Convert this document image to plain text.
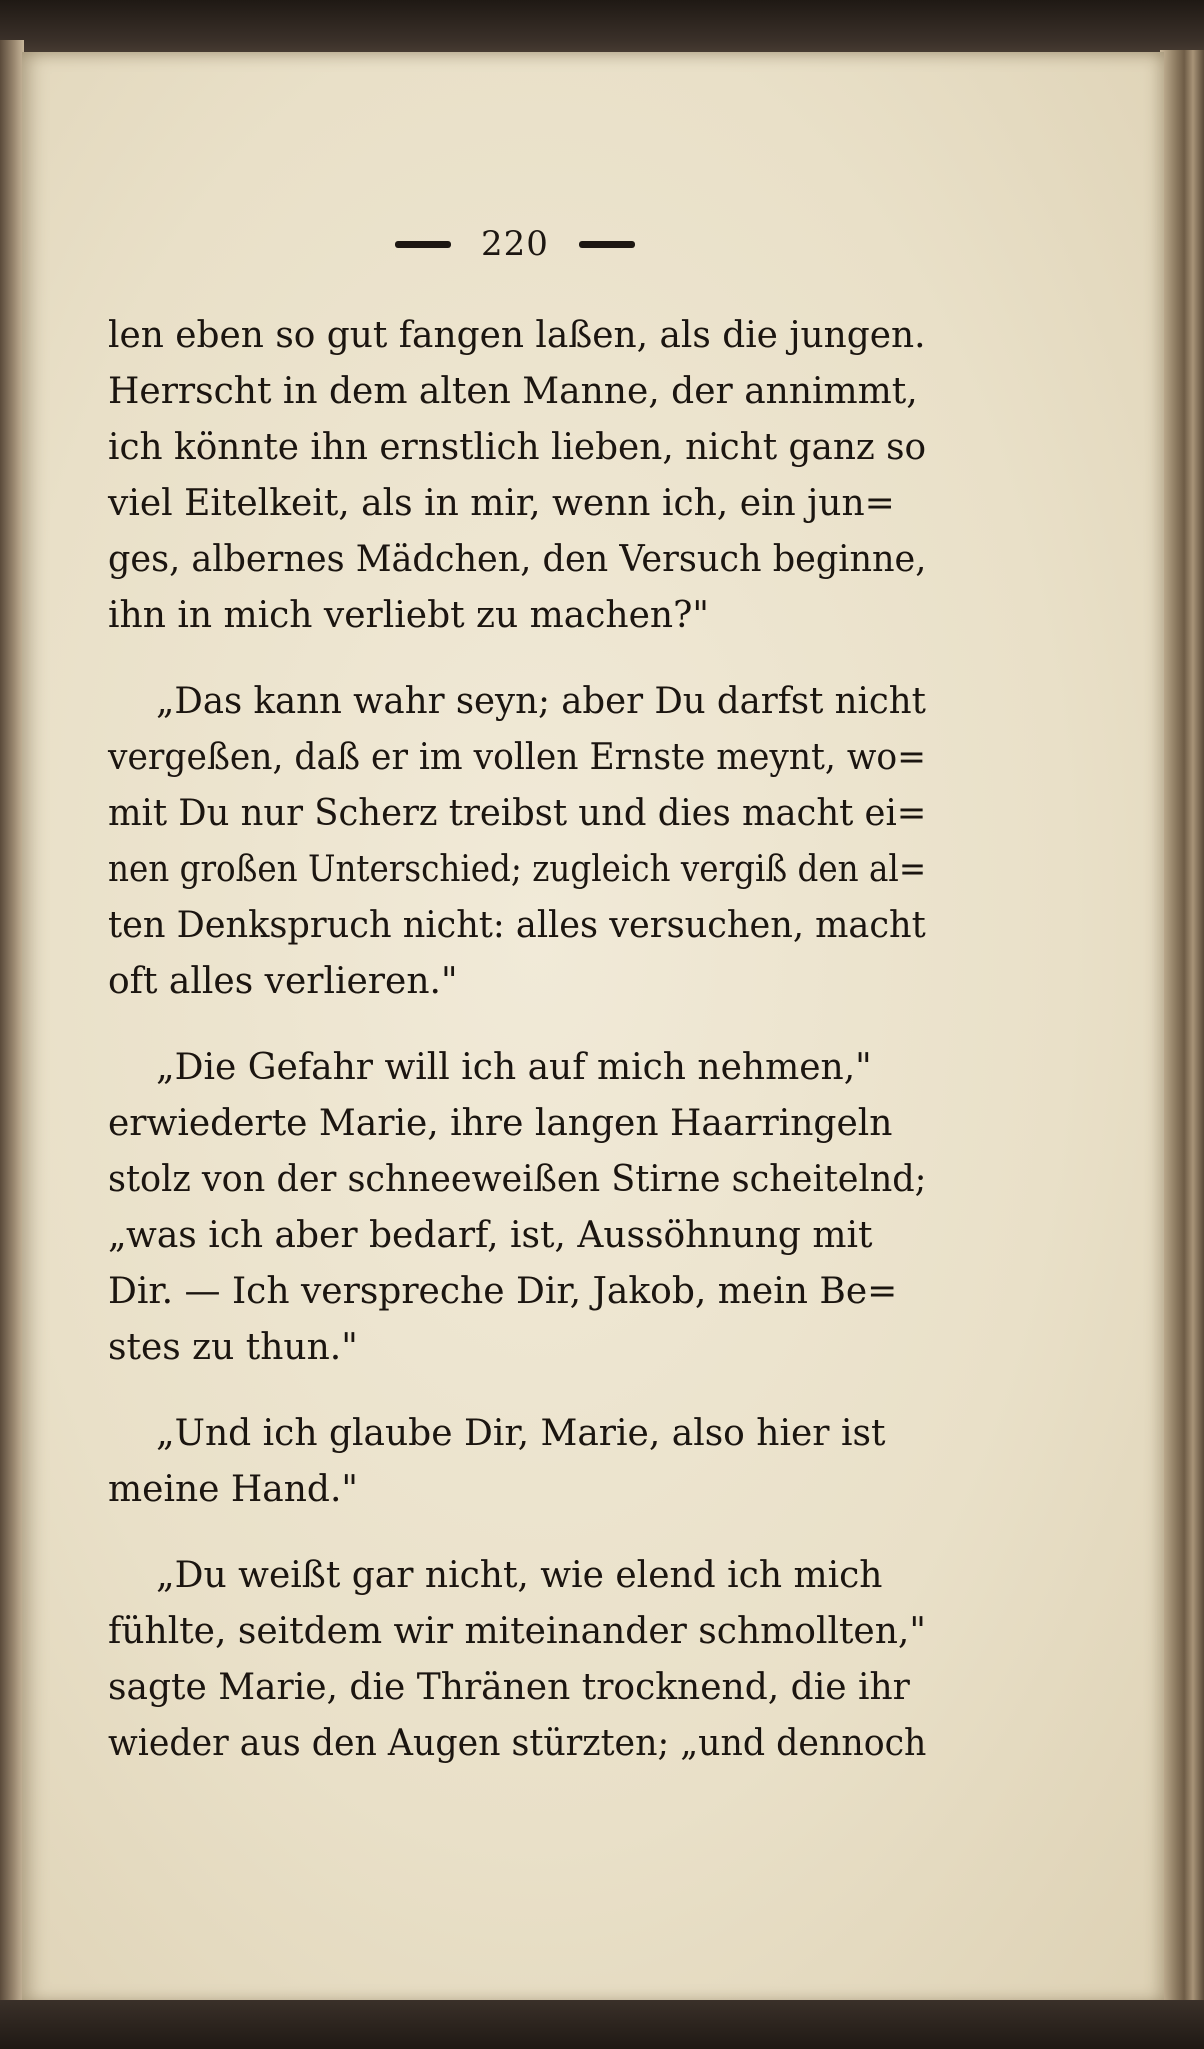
220
len eben so gut fangen laßen, als die jungen.
Herrscht in dem alten Manne, der annimmt,
ich könnte ihn ernstlich lieben, nicht ganz so
viel Eitelkeit, als in mir, wenn ich, ein jun=
ges, albernes Mädchen, den Versuch beginne,
ihn in mich verliebt zu machen?"
„Das kann wahr seyn; aber Du darfst nicht
vergeßen, daß er im vollen Ernste meynt, wo=
mit Du nur Scherz treibst und dies macht ei=
nen großen Unterschied; zugleich vergiß den al=
ten Denkspruch nicht: alles versuchen, macht
oft alles verlieren."
„Die Gefahr will ich auf mich nehmen,"
erwiederte Marie, ihre langen Haarringeln
stolz von der schneeweißen Stirne scheitelnd;
„was ich aber bedarf, ist, Aussöhnung mit
Dir. — Ich verspreche Dir, Jakob, mein Be=
stes zu thun."
„Und ich glaube Dir, Marie, also hier ist
meine Hand."
„Du weißt gar nicht, wie elend ich mich
fühlte, seitdem wir miteinander schmollten,"
sagte Marie, die Thränen trocknend, die ihr
wieder aus den Augen stürzten; „und dennoch
